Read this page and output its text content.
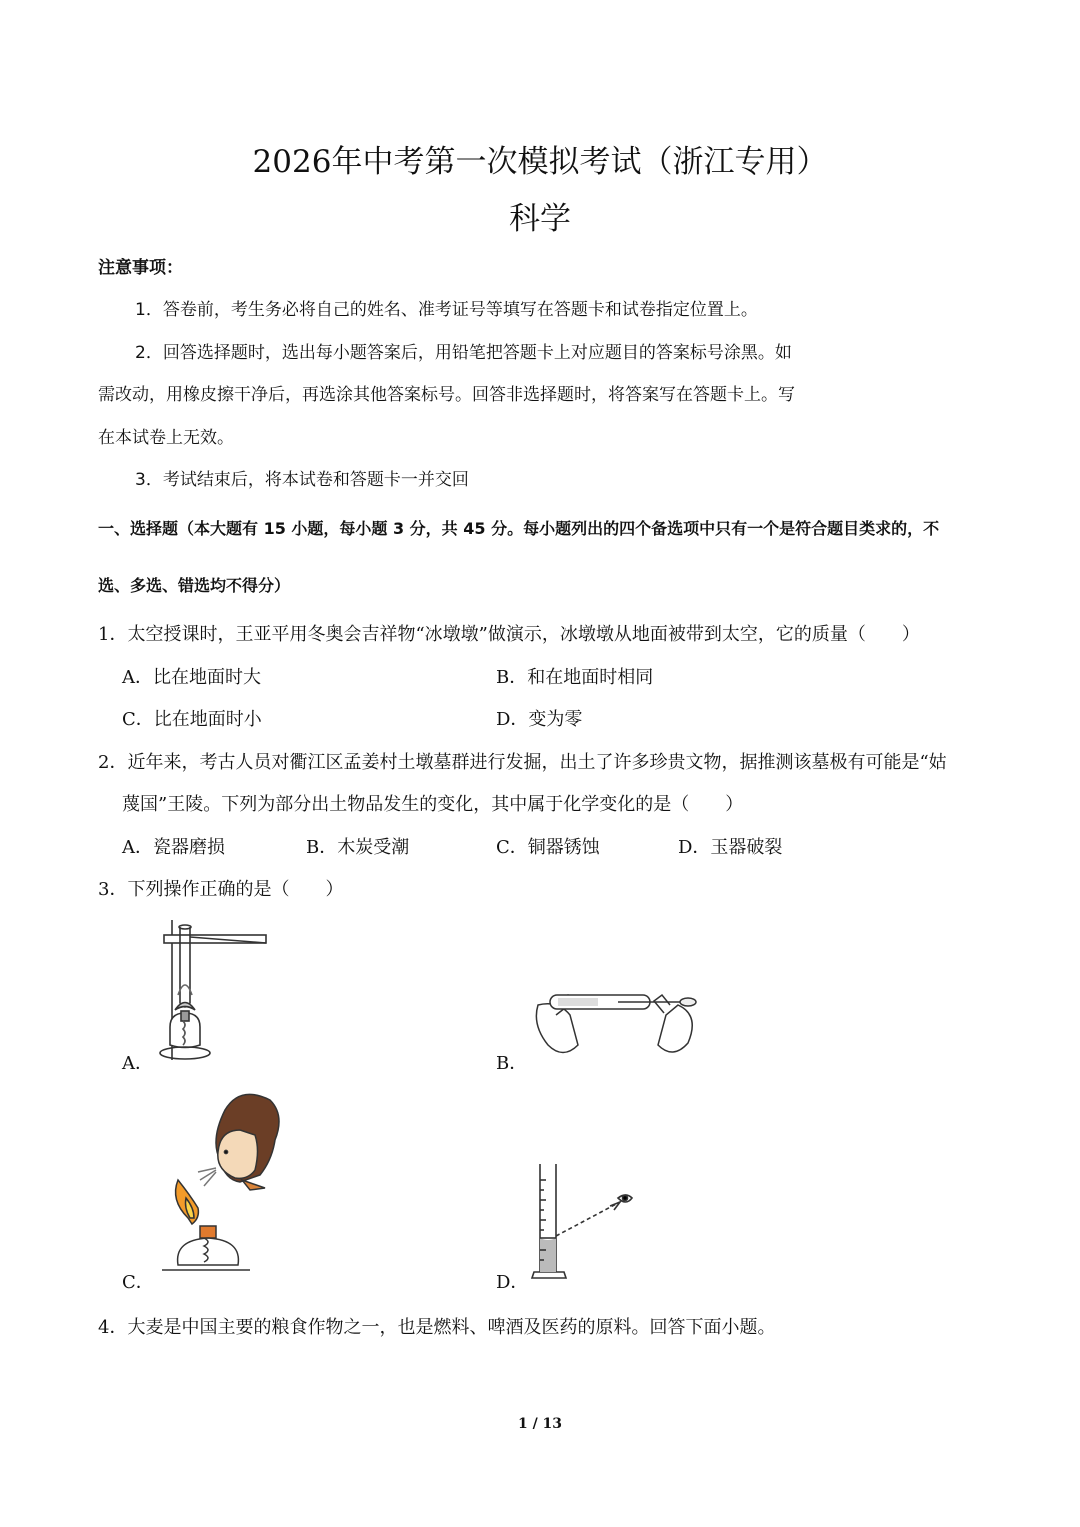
2026年中考第一次模拟考试（浙江专用）
科学
注意事项：
1．答卷前，考生务必将自己的姓名、准考证号等填写在答题卡和试卷指定位置上。
2．回答选择题时，选出每小题答案后，用铅笔把答题卡上对应题目的答案标号涂黑。如
需改动，用橡皮擦干净后，再选涂其他答案标号。回答非选择题时，将答案写在答题卡上。写
在本试卷上无效。
3．考试结束后，将本试卷和答题卡一并交回
一、选择题（本大题有 15 小题，每小题 3 分，共 45 分。每小题列出的四个备选项中只有一个是符合题目类求的，不
选、多选、错选均不得分）
1．太空授课时，王亚平用冬奥会吉祥物“冰墩墩”做演示，冰墩墩从地面被带到太空，它的质量（　　）
A．比在地面时大	B．和在地面时相同
C．比在地面时小	D．变为零
2．近年来，考古人员对衢江区孟姜村土墩墓群进行发掘，出土了许多珍贵文物，据推测该墓极有可能是“姑
蔑国”王陵。下列为部分出土物品发生的变化，其中属于化学变化的是（　　）
A．瓷器磨损	B．木炭受潮	C．铜器锈蚀	D．玉器破裂
3．下列操作正确的是（　　）
A．	B．
C．	D．
4．大麦是中国主要的粮食作物之一，也是燃料、啤酒及医药的原料。回答下面小题。
1 / 13
